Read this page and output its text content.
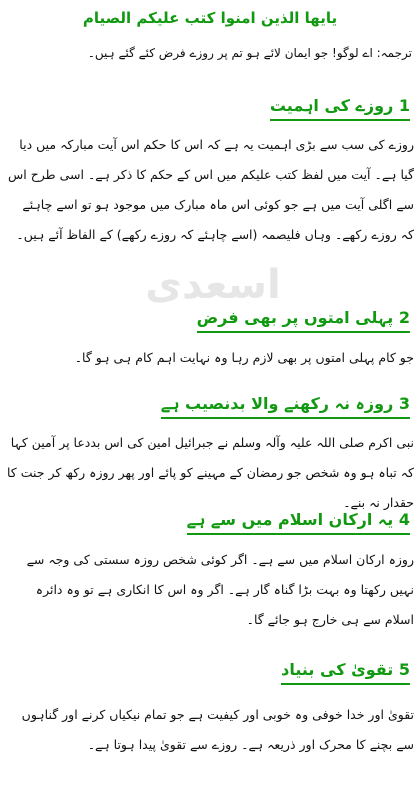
یایھا الذین امنوا کتب علیکم الصیام
ترجمہ: اے لوگو! جو ایمان لائے ہو تم پر روزے فرض کئے گئے ہیں۔
اسعدی
1 روزے کی اہمیت
روزے کی سب سے بڑی اہمیت یہ ہے کہ اس کا حکم اس آیت مبارکہ میں دیا گیا ہے۔ آیت میں لفظ کتب علیکم میں اس کے حکم کا ذکر ہے۔ اسی طرح اس سے اگلی آیت میں ہے جو کوئی اس ماہ مبارک میں موجود ہو تو اسے چاہئے کہ روزے رکھے۔ وہاں فلیصمہ (اسے چاہئے کہ روزے رکھے) کے الفاظ آئے ہیں۔
2 پہلی امتوں پر بھی فرض
جو کام پہلی امتوں پر بھی لازم رہا وہ نہایت اہم کام ہی ہو گا۔
3 روزہ نہ رکھنے والا بدنصیب ہے
نبی اکرم صلی اللہ علیہ وآلہ وسلم نے جبرائیل امین کی اس بددعا پر آمین کہا کہ تباہ ہو وہ شخص جو رمضان کے مہینے کو پائے اور پھر روزہ رکھ کر جنت کا حقدار نہ بنے۔
4 یہ ارکان اسلام میں سے ہے
روزہ ارکان اسلام میں سے ہے۔ اگر کوئی شخص روزہ سستی کی وجہ سے نہیں رکھتا وہ بہت بڑا گناہ گار ہے۔ اگر وہ اس کا انکاری ہے تو وہ دائرہ اسلام سے ہی خارج ہو جائے گا۔
5 تقویٰ کی بنیاد
تقویٰ اور خدا خوفی وہ خوبی اور کیفیت ہے جو تمام نیکیاں کرنے اور گناہوں سے بچنے کا محرک اور ذریعہ ہے۔ روزے سے تقویٰ پیدا ہوتا ہے۔
